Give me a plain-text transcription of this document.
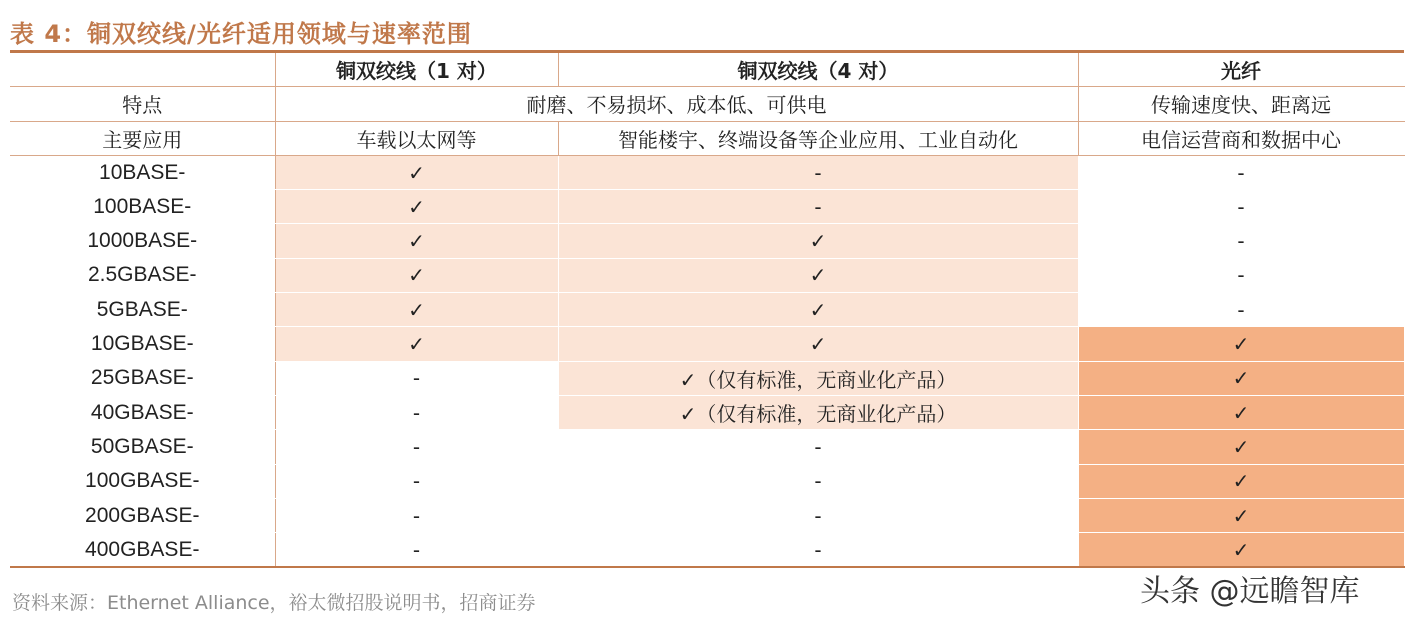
表 4：铜双绞线/光纤适用领域与速率范围
	铜双绞线（1 对）	铜双绞线（4 对）	光纤
特点	耐磨、不易损坏、成本低、可供电		传输速度快、距离远
主要应用	车载以太网等	智能楼宇、终端设备等企业应用、工业自动化	电信运营商和数据中心
10BASE-	✓	-	-
100BASE-	✓	-	-
1000BASE-	✓	✓	-
2.5GBASE-	✓	✓	-
5GBASE-	✓	✓	-
10GBASE-	✓	✓	✓
25GBASE-	-	✓（仅有标准，无商业化产品）	✓
40GBASE-	-	✓（仅有标准，无商业化产品）	✓
50GBASE-	-	-	✓
100GBASE-	-	-	✓
200GBASE-	-	-	✓
400GBASE-	-	-	✓
资料来源：Ethernet Alliance，裕太微招股说明书，招商证券	头条 @远瞻智库
